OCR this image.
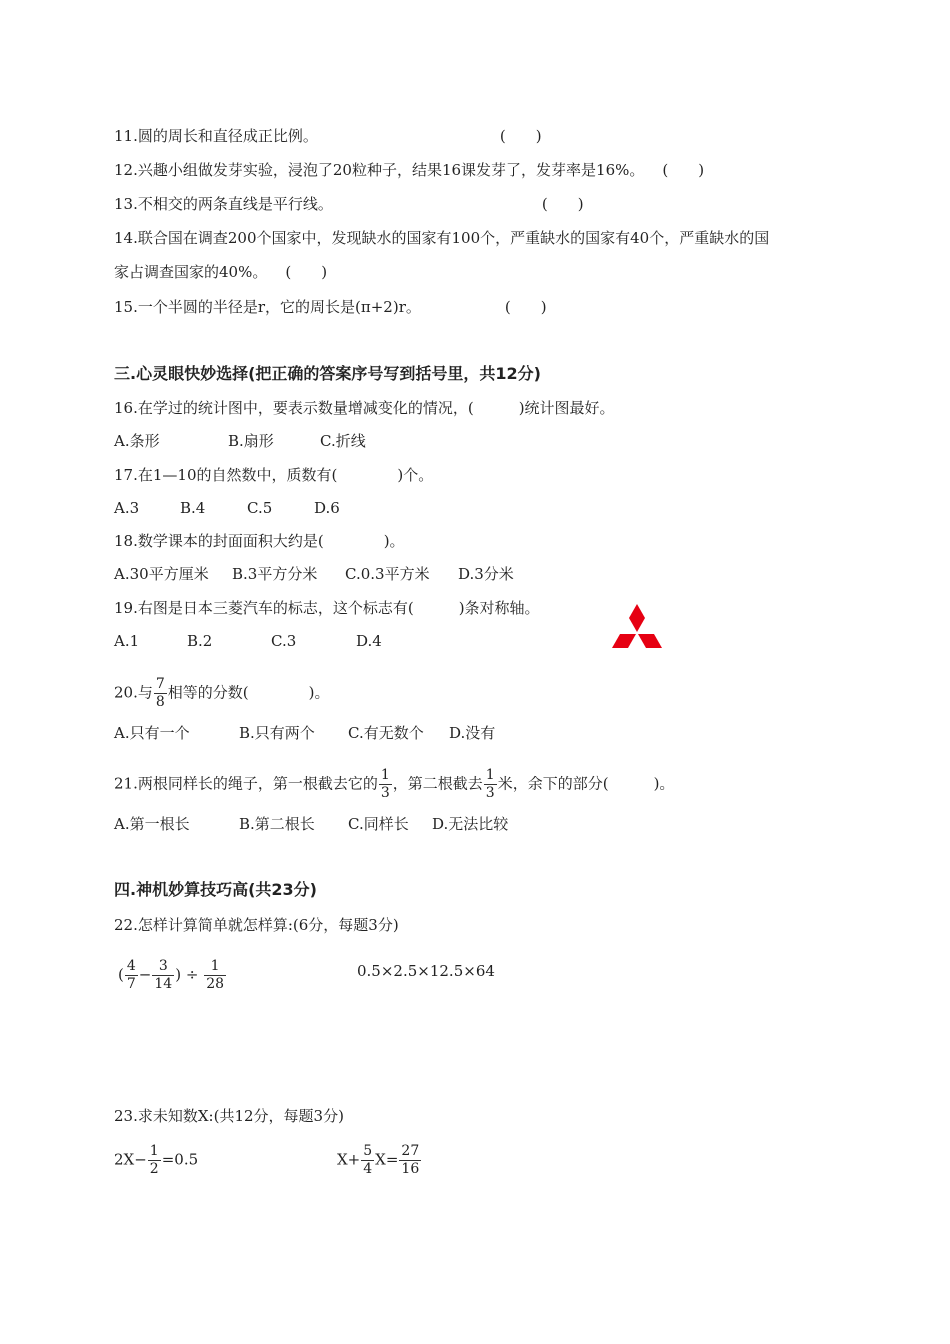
11.圆的周长和直径成正比例。	(　　)
12.兴趣小组做发芽实验，浸泡了20粒种子，结果16课发芽了，发芽率是16%。 (　　)
13.不相交的两条直线是平行线。	(　　)
14.联合国在调查200个国家中，发现缺水的国家有100个，严重缺水的国家有40个，严重缺水的国
家占调查国家的40%。 (　　)
15.一个半圆的半径是r，它的周长是(π+2)r。	(　　)
三.心灵眼快妙选择(把正确的答案序号写到括号里，共12分)
16.在学过的统计图中，要表示数量增减变化的情况，(　　　)统计图最好。
A.条形	B.扇形	C.折线
17.在1—10的自然数中，质数有(　　　　)个。
A.3	B.4	C.5	D.6
18.数学课本的封面面积大约是(　　　　)。
A.30平方厘米 B.3平方分米 C.0.3平方米 D.3分米
19.右图是日本三菱汽车的标志，这个标志有(　　　)条对称轴。
A.1	B.2	C.3	D.4
20.与 $\frac{7}{8}$ 相等的分数(　　　　)。
A.只有一个	B.只有两个 C.有无数个 D.没有
21.两根同样长的绳子，第一根截去它的 $\frac{1}{3}$ ，第二根截去 $\frac{1}{3}$ 米，余下的部分(　　　)。
A.第一根长	B.第二根长 C.同样长 D.无法比较
四.神机妙算技巧高(共23分)
22.怎样计算简单就怎样算:(6分，每题3分)
( $\frac{4}{7} - \frac{3}{14}$ ) ÷ $\frac{1}{28}$	0.5×2.5×12.5×64
23.求未知数X:(共12分，每题3分)
$2X- \frac{1}{2} =0.5$	$X+ \frac{5}{4} X= \frac{27}{16}$
